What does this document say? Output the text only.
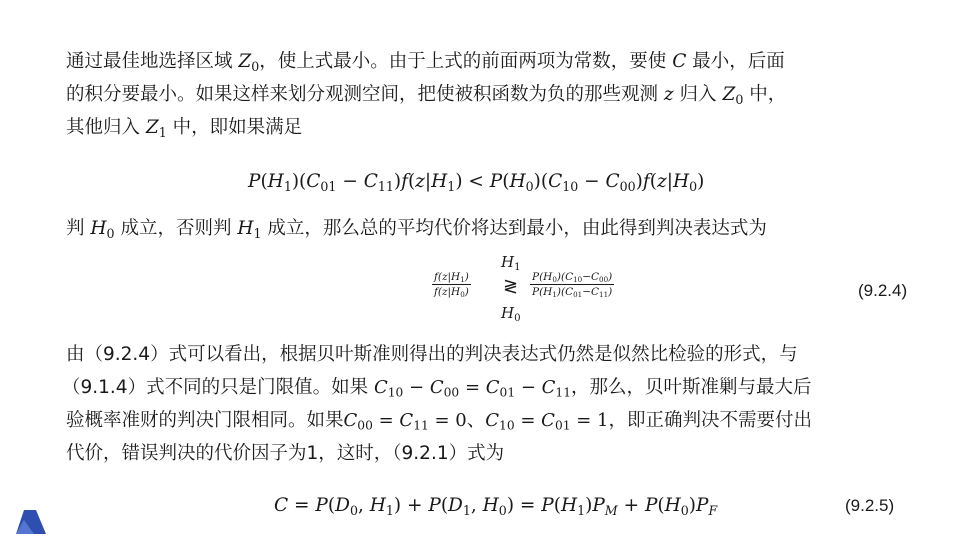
通过最佳地选择区域 $Z_0$，使上式最小。由于上式的前面两项为常数，要使 C 最小，后面
的积分要最小。如果这样来划分观测空间，把使被积函数为负的那些观测 z 归入 $Z_0$ 中，
其他归入 $Z_1$ 中，即如果满足
$P(H_1)(C_{01} - C_{11})f(z|H_1) < P(H_0)(C_{10} - C_{00})f(z|H_0)$
判 $H_0$ 成立，否则判 $H_1$ 成立，那么总的平均代价将达到最小，由此得到判决表达式为
$\frac{f(z|H_1)}{f(z|H_0)}$
$H_1$
≷
$H_0$
$\frac{P(H_0)(C_{10}-C_{00})}{P(H_1)(C_{01}-C_{11})}$	(9.2.4)
由（9.2.4）式可以看出，根据贝叶斯准则得出的判决表达式仍然是似然比检验的形式，与
（9.1.4）式不同的只是门限值。如果 $C_{10} - C_{00} = C_{01} - C_{11}$，那么，贝叶斯准剿与最大后
验概率准财的判决门限相同。如果$C_{00} = C_{11} = 0$、$C_{10} = C_{01} = 1$，即正确判决不需要付出
代价，错误判决的代价因子为1，这时，（9.2.1）式为
$C = P(D_0$, $H_1) + P(D_1$, $H_0) = P(H_1)P_M + P(H_0)P_F$	(9.2.5)
